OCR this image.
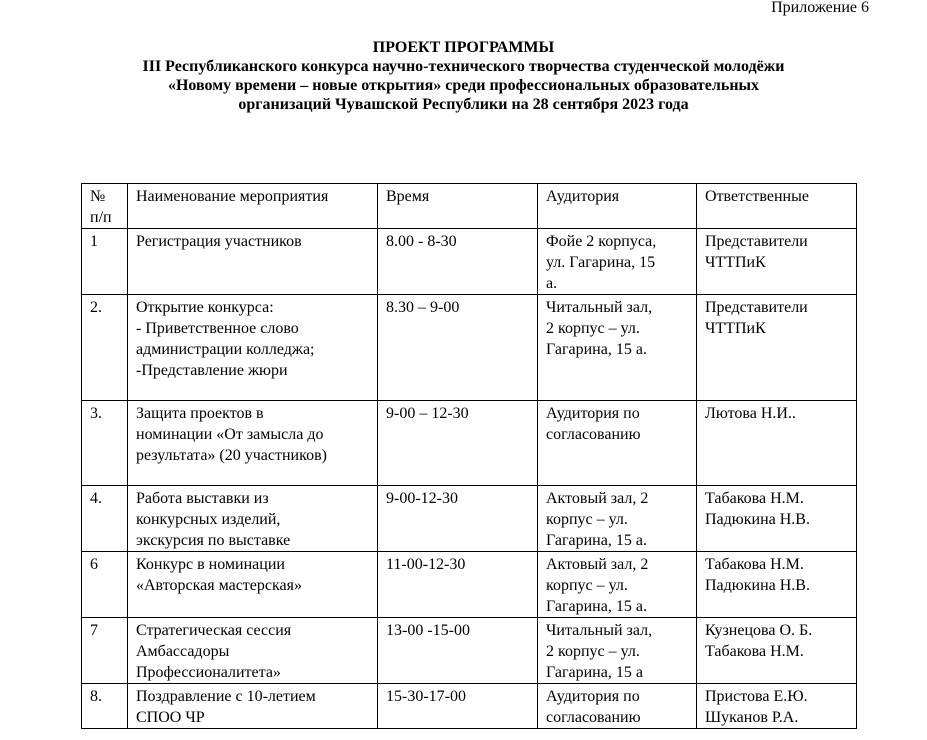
Приложение 6
ПРОЕКТ ПРОГРАММЫ
III Республиканского конкурса научно-технического творчества студенческой молодёжи
«Новому времени – новые открытия» среди профессиональных образовательных
организаций Чувашской Республики на 28 сентября 2023 года
№
п/п	Наименование мероприятия	Время	Аудитория	Ответственные

1	Регистрация участников	8.00 - 8-30	Фойе 2 корпуса,
ул. Гагарина, 15
а.	Представители
ЧТТПиК

2.	Открытие конкурса:
- Приветственное слово
администрации колледжа;
-Представление жюри	8.30 – 9-00	Читальный зал,
2 корпус – ул.
Гагарина, 15 а.	Представители
ЧТТПиК

3.	Защита проектов в
номинации «От замысла до
результата» (20 участников)	9-00 – 12-30	Аудитория по
согласованию	Лютова Н.И..

4.	Работа выставки из
конкурсных изделий,
экскурсия по выставке	9-00-12-30	Актовый зал, 2
корпус – ул.
Гагарина, 15 а.	Табакова Н.М.
Падюкина Н.В.

6	Конкурс в номинации
«Авторская мастерская»	11-00-12-30	Актовый зал, 2
корпус – ул.
Гагарина, 15 а.	Табакова Н.М.
Падюкина Н.В.

7	Стратегическая сессия
Амбассадоры
Профессионалитета»	13-00 -15-00	Читальный зал,
2 корпус – ул.
Гагарина, 15 а	Кузнецова О. Б.
Табакова Н.М.

8.	Поздравление с 10-летием
СПОО ЧР	15-30-17-00	Аудитория по
согласованию	Пристова Е.Ю.
Шуканов Р.А.
